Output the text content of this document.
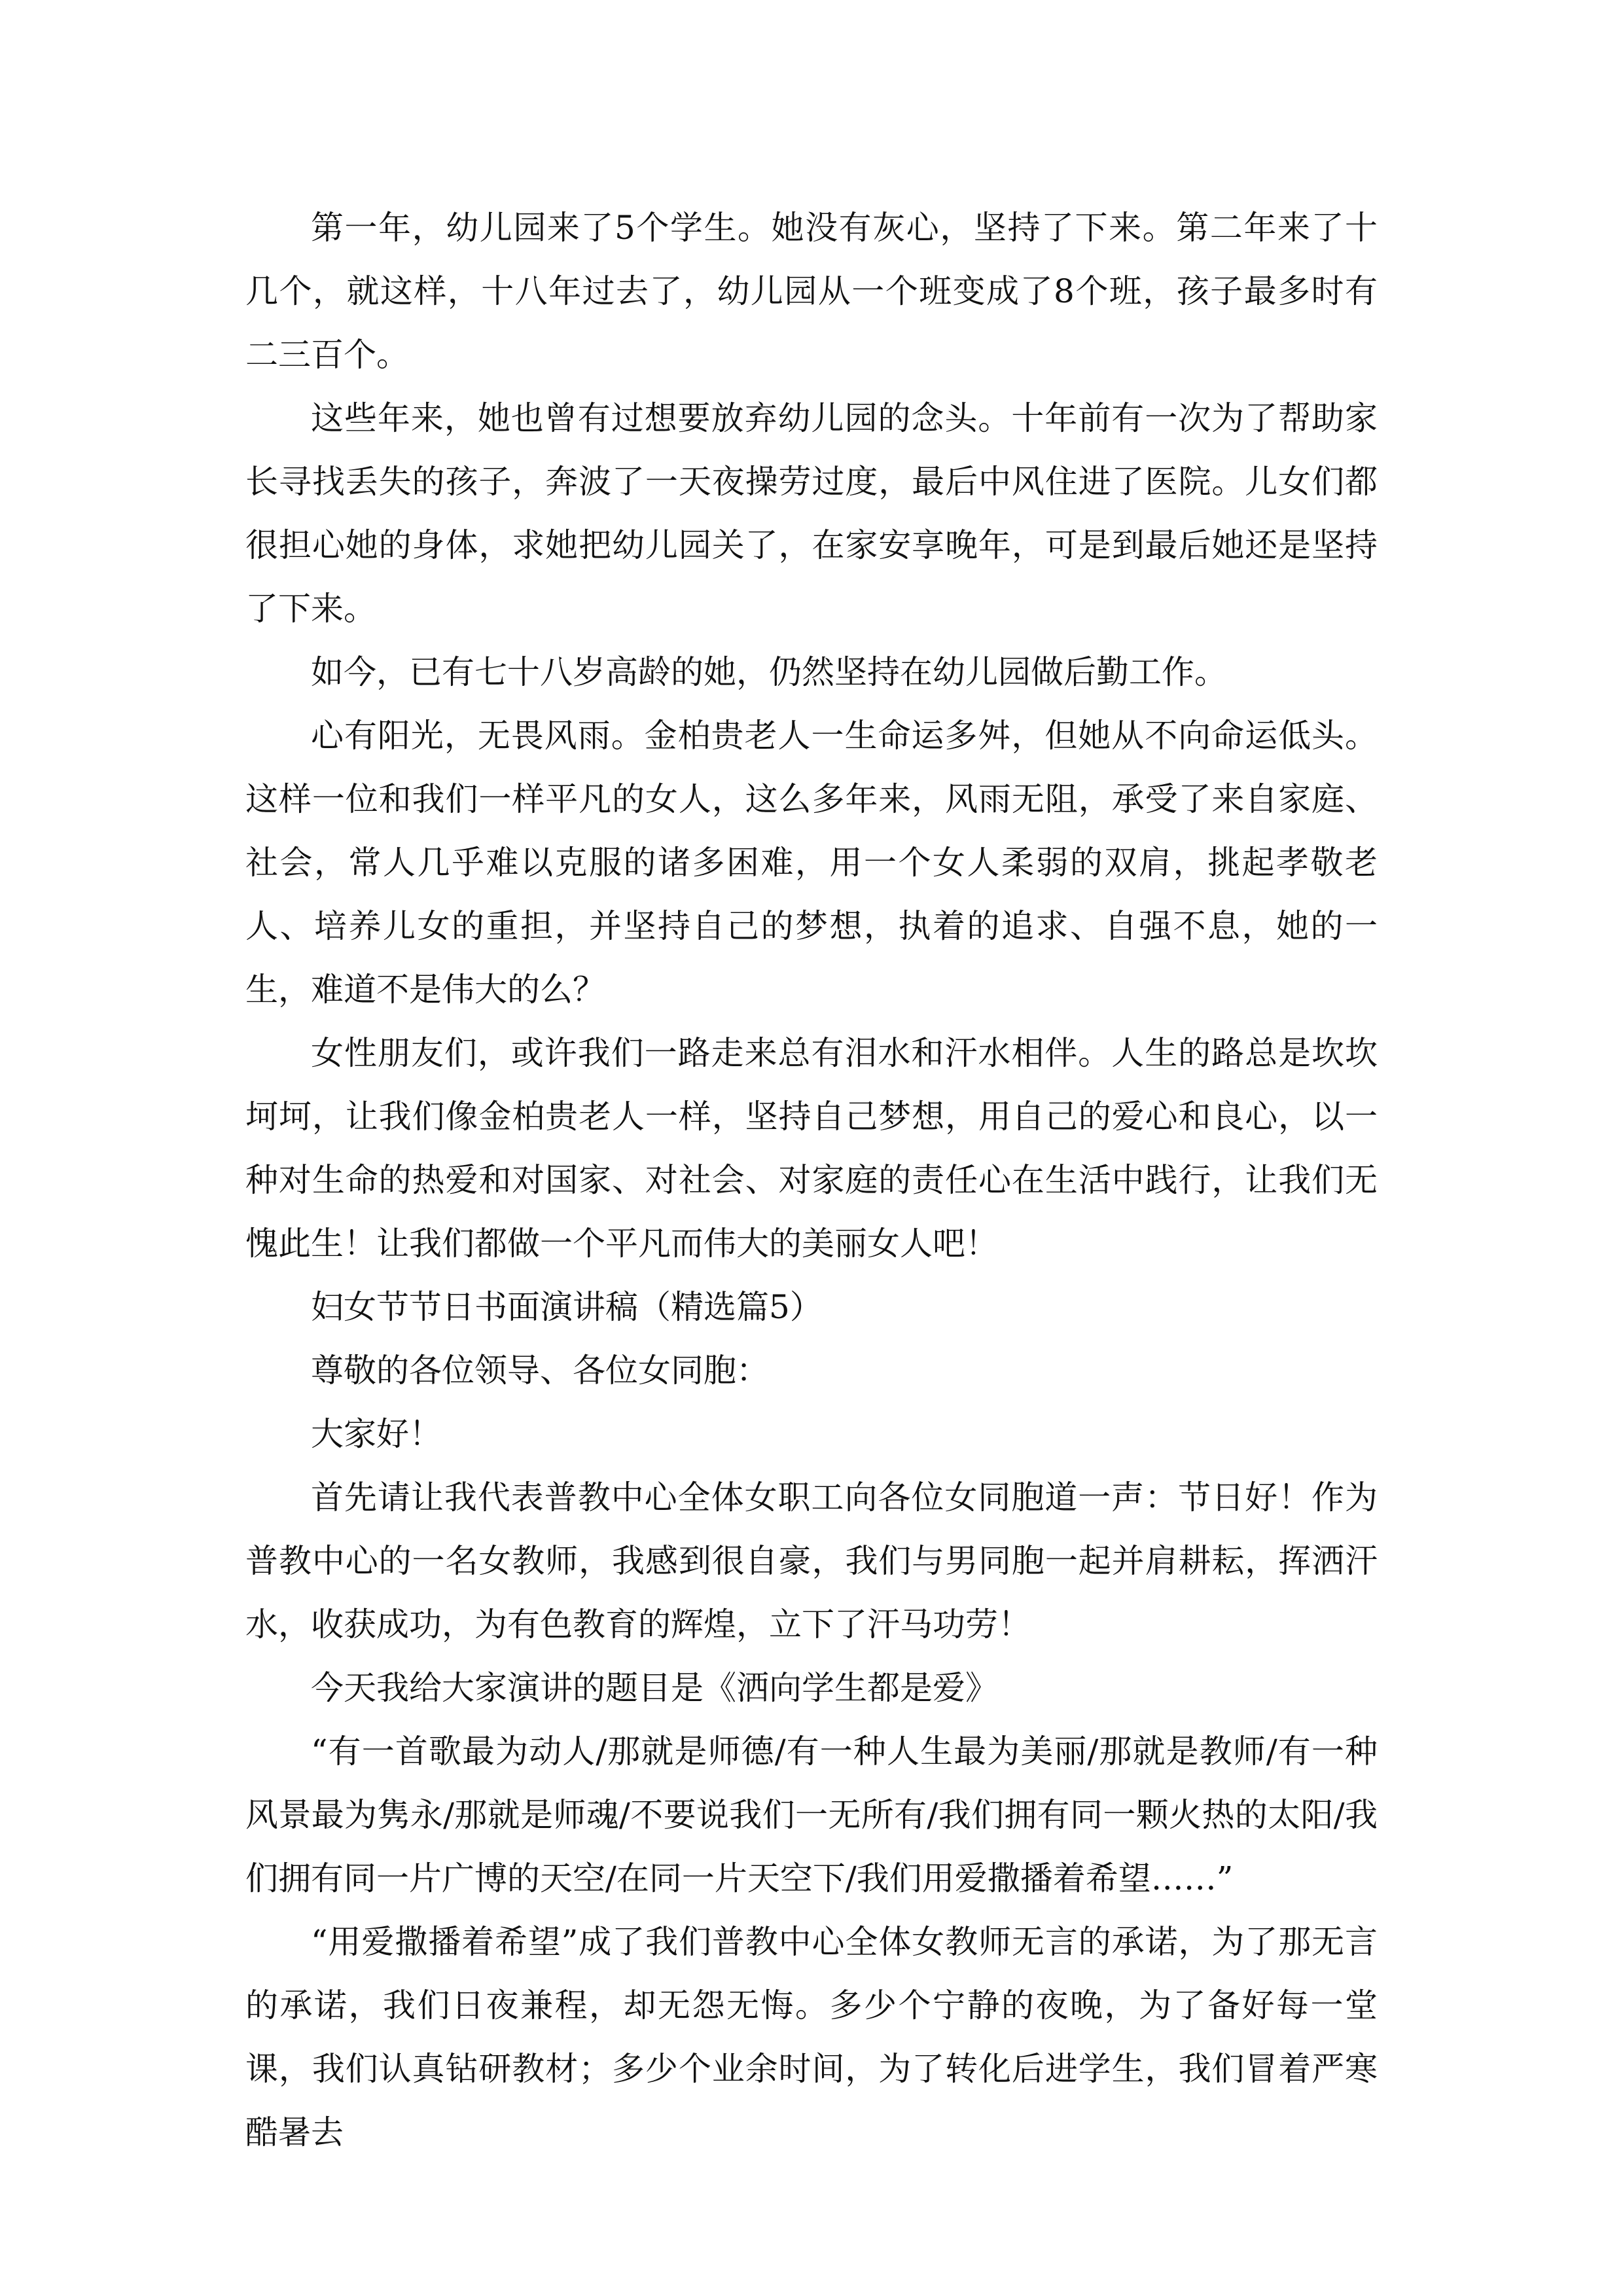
第一年，幼儿园来了5个学生。她没有灰心，坚持了下来。第二年来了十几个，就这样，十八年过去了，幼儿园从一个班变成了8个班，孩子最多时有二三百个。

这些年来，她也曾有过想要放弃幼儿园的念头。十年前有一次为了帮助家长寻找丢失的孩子，奔波了一天夜操劳过度，最后中风住进了医院。儿女们都很担心她的身体，求她把幼儿园关了，在家安享晚年，可是到最后她还是坚持了下来。

如今，已有七十八岁高龄的她，仍然坚持在幼儿园做后勤工作。

心有阳光，无畏风雨。金柏贵老人一生命运多舛，但她从不向命运低头。这样一位和我们一样平凡的女人，这么多年来，风雨无阻，承受了来自家庭、社会，常人几乎难以克服的诸多困难，用一个女人柔弱的双肩，挑起孝敬老人、培养儿女的重担，并坚持自己的梦想，执着的追求、自强不息，她的一生，难道不是伟大的么？

女性朋友们，或许我们一路走来总有泪水和汗水相伴。人生的路总是坎坎坷坷，让我们像金柏贵老人一样，坚持自己梦想，用自己的爱心和良心，以一种对生命的热爱和对国家、对社会、对家庭的责任心在生活中践行，让我们无愧此生！让我们都做一个平凡而伟大的美丽女人吧！

妇女节节日书面演讲稿（精选篇5）

尊敬的各位领导、各位女同胞：

大家好！

首先请让我代表普教中心全体女职工向各位女同胞道一声：节日好！作为普教中心的一名女教师，我感到很自豪，我们与男同胞一起并肩耕耘，挥洒汗水，收获成功，为有色教育的辉煌，立下了汗马功劳！

今天我给大家演讲的题目是《洒向学生都是爱》

“有一首歌最为动人/那就是师德/有一种人生最为美丽/那就是教师/有一种风景最为隽永/那就是师魂/不要说我们一无所有/我们拥有同一颗火热的太阳/我们拥有同一片广博的天空/在同一片天空下/我们用爱撒播着希望……”

“用爱撒播着希望”成了我们普教中心全体女教师无言的承诺，为了那无言的承诺，我们日夜兼程，却无怨无悔。多少个宁静的夜晚，为了备好每一堂课，我们认真钻研教材；多少个业余时间，为了转化后进学生，我们冒着严寒酷暑去
